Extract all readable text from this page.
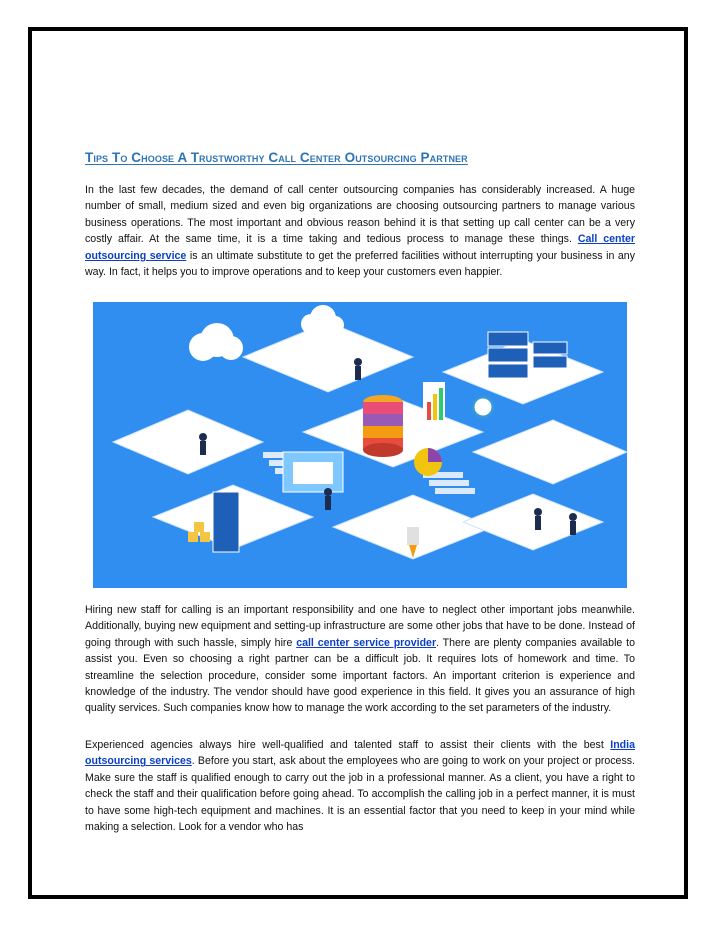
Tips To Choose A Trustworthy Call Center Outsourcing Partner

In the last few decades, the demand of call center outsourcing companies has considerably increased. A huge number of small, medium sized and even big organizations are choosing outsourcing partners to manage various business operations. The most important and obvious reason behind it is that setting up call center can be a very costly affair. At the same time, it is a time taking and tedious process to manage these things. Call center outsourcing service is an ultimate substitute to get the preferred facilities without interrupting your business in any way. In fact, it helps you to improve operations and to keep your customers even happier.

Hiring new staff for calling is an important responsibility and one have to neglect other important jobs meanwhile. Additionally, buying new equipment and setting-up infrastructure are some other jobs that have to be done. Instead of going through with such hassle, simply hire call center service provider. There are plenty companies available to assist you. Even so choosing a right partner can be a difficult job. It requires lots of homework and time. To streamline the selection procedure, consider some important factors. An important criterion is experience and knowledge of the industry. The vendor should have good experience in this field. It gives you an assurance of high quality services. Such companies know how to manage the work according to the set parameters of the industry.

Experienced agencies always hire well-qualified and talented staff to assist their clients with the best India outsourcing services. Before you start, ask about the employees who are going to work on your project or process. Make sure the staff is qualified enough to carry out the job in a professional manner. As a client, you have a right to check the staff and their qualification before going ahead. To accomplish the calling job in a perfect manner, it is must to have some high-tech equipment and machines. It is an essential factor that you need to keep in your mind while making a selection. Look for a vendor who has
